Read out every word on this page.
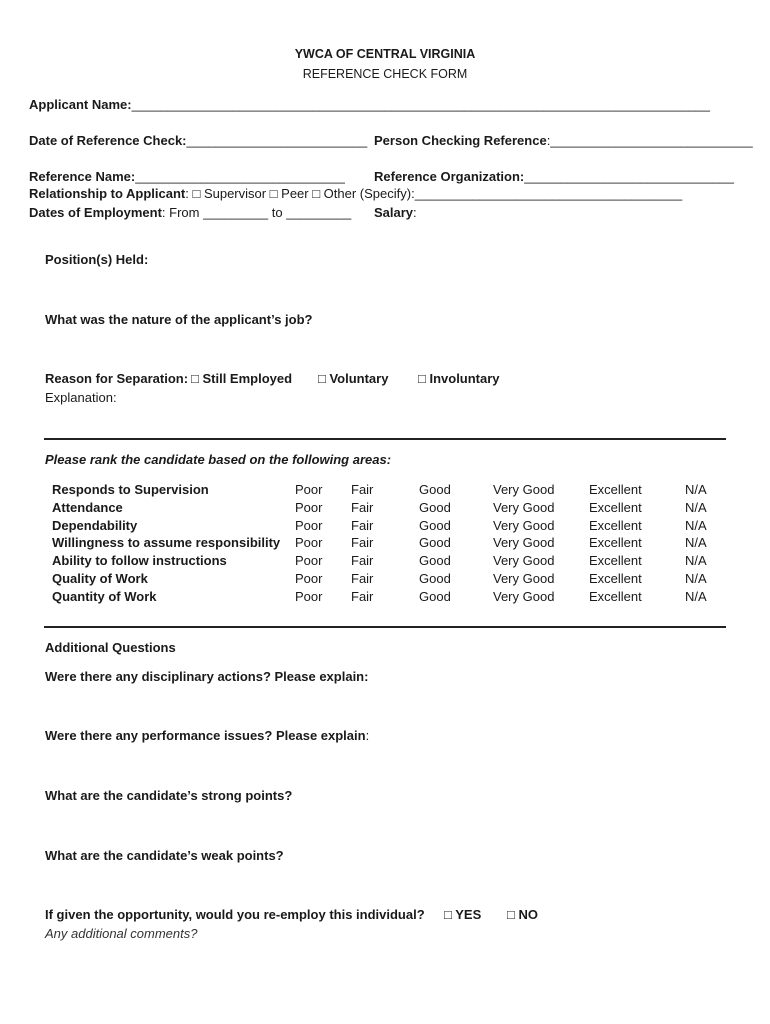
YWCA OF CENTRAL VIRGINIA
REFERENCE CHECK FORM
Applicant Name:________________________________________________________________________________
Date of Reference Check:_________________________ Person Checking Reference:____________________________
Reference Name:_____________________________ Reference Organization:_____________________________
Relationship to Applicant: □ Supervisor □ Peer □ Other (Specify):_____________________________________
Dates of Employment: From _________ to _________ Salary:
Position(s) Held:
What was the nature of the applicant’s job?
Reason for Separation: □ Still Employed □ Voluntary □ Involuntary
Explanation:
Please rank the candidate based on the following areas:
Responds to Supervision	Poor Fair	Good	Very Good	Excellent	N/A
Attendance	Poor Fair	Good	Very Good	Excellent	N/A
Dependability	Poor Fair	Good	Very Good	Excellent	N/A
Willingness to assume responsibility Poor Fair	Good	Very Good	Excellent	N/A
Ability to follow instructions	Poor Fair	Good	Very Good	Excellent	N/A
Quality of Work	Poor Fair	Good	Very Good	Excellent	N/A
Quantity of Work	Poor Fair	Good	Very Good	Excellent	N/A
Additional Questions
Were there any disciplinary actions? Please explain:
Were there any performance issues? Please explain:
What are the candidate’s strong points?
What are the candidate’s weak points?
If given the opportunity, would you re-employ this individual? □ YES □ NO
Any additional comments?
